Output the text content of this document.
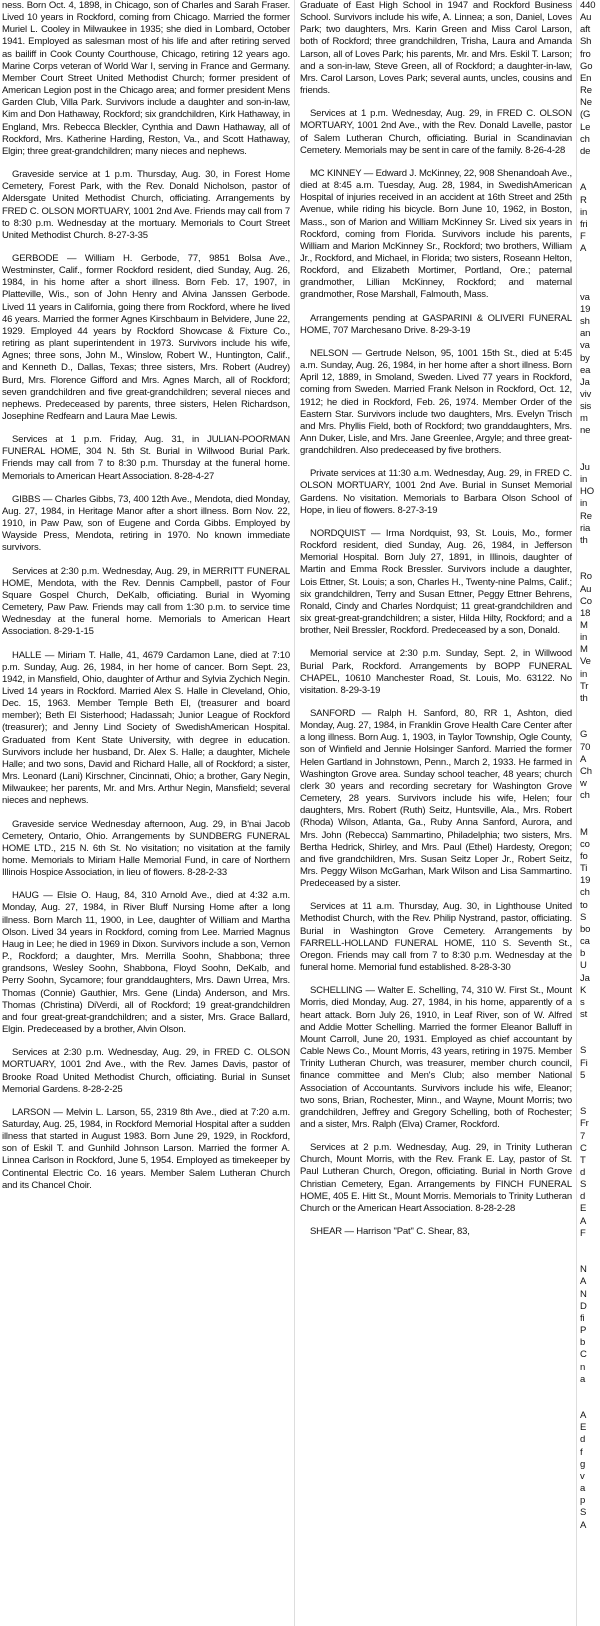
ness. Born Oct. 4, 1898, in Chicago, son of Charles and Sarah Fraser. Lived 10 years in Rockford, coming from Chicago. Married the former Muriel L. Cooley in Milwaukee in 1935; she died in Lombard, October 1941. Employed as salesman most of his life and after retiring served as bailiff in Cook County Courthouse, Chicago, retiring 12 years ago. Marine Corps veteran of World War I, serving in France and Germany. Member Court Street United Methodist Church; former president of American Legion post in the Chicago area; and former president Mens Garden Club, Villa Park. Survivors include a daughter and son-in-law, Kim and Don Hathaway, Rockford; six grandchildren, Kirk Hathaway, in England, Mrs. Rebecca Bleckler, Cynthia and Dawn Hathaway, all of Rockford, Mrs. Katherine Harding, Reston, Va., and Scott Hathaway, Elgin; three great-grandchildren; many nieces and nephews.

Graveside service at 1 p.m. Thursday, Aug. 30, in Forest Home Cemetery, Forest Park, with the Rev. Donald Nicholson, pastor of Aldersgate United Methodist Church, officiating. Arrangements by FRED C. OLSON MORTUARY, 1001 2nd Ave. Friends may call from 7 to 8:30 p.m. Wednesday at the mortuary. Memorials to Court Street United Methodist Church. 8-27-3-35

GERBODE — William H. Gerbode, 77, 9851 Bolsa Ave., Westminster, Calif., former Rockford resident, died Sunday, Aug. 26, 1984, in his home after a short illness. Born Feb. 17, 1907, in Platteville, Wis., son of John Henry and Alvina Janssen Gerbode. Lived 11 years in California, going there from Rockford, where he lived 46 years. Married the former Agnes Kirschbaum in Belvidere, June 22, 1929. Employed 44 years by Rockford Showcase & Fixture Co., retiring as plant superintendent in 1973. Survivors include his wife, Agnes; three sons, John M., Winslow, Robert W., Huntington, Calif., and Kenneth D., Dallas, Texas; three sisters, Mrs. Robert (Audrey) Burd, Mrs. Florence Gifford and Mrs. Agnes March, all of Rockford; seven grandchildren and five great-grandchildren; several nieces and nephews. Predeceased by parents, three sisters, Helen Richardson, Josephine Redfearn and Laura Mae Lewis.

Services at 1 p.m. Friday, Aug. 31, in JULIAN-POORMAN FUNERAL HOME, 304 N. 5th St. Burial in Willwood Burial Park. Friends may call from 7 to 8:30 p.m. Thursday at the funeral home. Memorials to American Heart Association. 8-28-4-27

GIBBS — Charles Gibbs, 73, 400 12th Ave., Mendota, died Monday, Aug. 27, 1984, in Heritage Manor after a short illness. Born Nov. 22, 1910, in Paw Paw, son of Eugene and Corda Gibbs. Employed by Wayside Press, Mendota, retiring in 1970. No known immediate survivors.

Services at 2:30 p.m. Wednesday, Aug. 29, in MERRITT FUNERAL HOME, Mendota, with the Rev. Dennis Campbell, pastor of Four Square Gospel Church, DeKalb, officiating. Burial in Wyoming Cemetery, Paw Paw. Friends may call from 1:30 p.m. to service time Wednesday at the funeral home. Memorials to American Heart Association. 8-29-1-15

HALLE — Miriam T. Halle, 41, 4679 Cardamon Lane, died at 7:10 p.m. Sunday, Aug. 26, 1984, in her home of cancer. Born Sept. 23, 1942, in Mansfield, Ohio, daughter of Arthur and Sylvia Zychich Negin. Lived 14 years in Rockford. Married Alex S. Halle in Cleveland, Ohio, Dec. 15, 1963. Member Temple Beth El, (treasurer and board member); Beth El Sisterhood; Hadassah; Junior League of Rockford (treasurer); and Jenny Lind Society of SwedishAmerican Hospital. Graduated from Kent State University, with degree in education. Survivors include her husband, Dr. Alex S. Halle; a daughter, Michele Halle; and two sons, David and Richard Halle, all of Rockford; a sister, Mrs. Leonard (Lani) Kirschner, Cincinnati, Ohio; a brother, Gary Negin, Milwaukee; her parents, Mr. and Mrs. Arthur Negin, Mansfield; several nieces and nephews.

Graveside service Wednesday afternoon, Aug. 29, in B'nai Jacob Cemetery, Ontario, Ohio. Arrangements by SUNDBERG FUNERAL HOME LTD., 215 N. 6th St. No visitation; no visitation at the family home. Memorials to Miriam Halle Memorial Fund, in care of Northern Illinois Hospice Association, in lieu of flowers. 8-28-2-33

HAUG — Elsie O. Haug, 84, 310 Arnold Ave., died at 4:32 a.m. Monday, Aug. 27, 1984, in River Bluff Nursing Home after a long illness. Born March 11, 1900, in Lee, daughter of William and Martha Olson. Lived 34 years in Rockford, coming from Lee. Married Magnus Haug in Lee; he died in 1969 in Dixon. Survivors include a son, Vernon P., Rockford; a daughter, Mrs. Merrilla Soohn, Shabbona; three grandsons, Wesley Soohn, Shabbona, Floyd Soohn, DeKalb, and Perry Soohn, Sycamore; four granddaughters, Mrs. Dawn Urrea, Mrs. Thomas (Connie) Gauthier, Mrs. Gene (Linda) Anderson, and Mrs. Thomas (Christina) DiVerdi, all of Rockford; 19 great-grandchildren and four great-great-grandchildren; and a sister, Mrs. Grace Ballard, Elgin. Predeceased by a brother, Alvin Olson.

Services at 2:30 p.m. Wednesday, Aug. 29, in FRED C. OLSON MORTUARY, 1001 2nd Ave., with the Rev. James Davis, pastor of Brooke Road United Methodist Church, officiating. Burial in Sunset Memorial Gardens. 8-28-2-25

LARSON — Melvin L. Larson, 55, 2319 8th Ave., died at 7:20 a.m. Saturday, Aug. 25, 1984, in Rockford Memorial Hospital after a sudden illness that started in August 1983. Born June 29, 1929, in Rockford, son of Eskil T. and Gunhild Johnson Larson. Married the former A. Linnea Carlson in Rockford, June 5, 1954. Employed as timekeeper by Continental Electric Co. 16 years. Member Salem Lutheran Church and its Chancel Choir.

Graduate of East High School in 1947 and Rockford Business School. Survivors include his wife, A. Linnea; a son, Daniel, Loves Park; two daughters, Mrs. Karin Green and Miss Carol Larson, both of Rockford; three grandchildren, Trisha, Laura and Amanda Larson, all of Loves Park; his parents, Mr. and Mrs. Eskil T. Larson; and a son-in-law, Steve Green, all of Rockford; a daughter-in-law, Mrs. Carol Larson, Loves Park; several aunts, uncles, cousins and friends.

Services at 1 p.m. Wednesday, Aug. 29, in FRED C. OLSON MORTUARY, 1001 2nd Ave., with the Rev. Donald Lavelle, pastor of Salem Lutheran Church, officiating. Burial in Scandinavian Cemetery. Memorials may be sent in care of the family. 8-26-4-28

MC KINNEY — Edward J. McKinney, 22, 908 Shenandoah Ave., died at 8:45 a.m. Tuesday, Aug. 28, 1984, in SwedishAmerican Hospital of injuries received in an accident at 16th Street and 25th Avenue, while riding his bicycle. Born June 10, 1962, in Boston, Mass., son of Marion and William McKinney Sr. Lived six years in Rockford, coming from Florida. Survivors include his parents, William and Marion McKinney Sr., Rockford; two brothers, William Jr., Rockford, and Michael, in Florida; two sisters, Roseann Helton, Rockford, and Elizabeth Mortimer, Portland, Ore.; paternal grandmother, Lillian McKinney, Rockford; and maternal grandmother, Rose Marshall, Falmouth, Mass.

Arrangements pending at GASPARINI & OLIVERI FUNERAL HOME, 707 Marchesano Drive. 8-29-3-19

NELSON — Gertrude Nelson, 95, 1001 15th St., died at 5:45 a.m. Sunday, Aug. 26, 1984, in her home after a short illness. Born April 12, 1889, in Smoland, Sweden. Lived 77 years in Rockford, coming from Sweden. Married Frank Nelson in Rockford, Oct. 12, 1912; he died in Rockford, Feb. 26, 1974. Member Order of the Eastern Star. Survivors include two daughters, Mrs. Evelyn Trisch and Mrs. Phyllis Field, both of Rockford; two granddaughters, Mrs. Ann Duker, Lisle, and Mrs. Jane Greenlee, Argyle; and three great-grandchildren. Also predeceased by five brothers.

Private services at 11:30 a.m. Wednesday, Aug. 29, in FRED C. OLSON MORTUARY, 1001 2nd Ave. Burial in Sunset Memorial Gardens. No visitation. Memorials to Barbara Olson School of Hope, in lieu of flowers. 8-27-3-19

NORDQUIST — Irma Nordquist, 93, St. Louis, Mo., former Rockford resident, died Sunday, Aug. 26, 1984, in Jefferson Memorial Hospital. Born July 27, 1891, in Illinois, daughter of Martin and Emma Rock Bressler. Survivors include a daughter, Lois Ettner, St. Louis; a son, Charles H., Twenty-nine Palms, Calif.; six grandchildren, Terry and Susan Ettner, Peggy Ettner Behrens, Ronald, Cindy and Charles Nordquist; 11 great-grandchildren and six great-great-grandchildren; a sister, Hilda Hilty, Rockford; and a brother, Neil Bressler, Rockford. Predeceased by a son, Donald.

Memorial service at 2:30 p.m. Sunday, Sept. 2, in Willwood Burial Park, Rockford. Arrangements by BOPP FUNERAL CHAPEL, 10610 Manchester Road, St. Louis, Mo. 63122. No visitation. 8-29-3-19

SANFORD — Ralph H. Sanford, 80, RR 1, Ashton, died Monday, Aug. 27, 1984, in Franklin Grove Health Care Center after a long illness. Born Aug. 1, 1903, in Taylor Township, Ogle County, son of Winfield and Jennie Holsinger Sanford. Married the former Helen Gartland in Johnstown, Penn., March 2, 1933. He farmed in Washington Grove area. Sunday school teacher, 48 years; church clerk 30 years and recording secretary for Washington Grove Cemetery, 28 years. Survivors include his wife, Helen; four daughters, Mrs. Robert (Ruth) Seitz, Huntsville, Ala., Mrs. Robert (Rhoda) Wilson, Atlanta, Ga., Ruby Anna Sanford, Aurora, and Mrs. John (Rebecca) Sammartino, Philadelphia; two sisters, Mrs. Bertha Hedrick, Shirley, and Mrs. Paul (Ethel) Hardesty, Oregon; and five grandchildren, Mrs. Susan Seitz Loper Jr., Robert Seitz, Mrs. Peggy Wilson McGarhan, Mark Wilson and Lisa Sammartino. Predeceased by a sister.

Services at 11 a.m. Thursday, Aug. 30, in Lighthouse United Methodist Church, with the Rev. Philip Nystrand, pastor, officiating. Burial in Washington Grove Cemetery. Arrangements by FARRELL-HOLLAND FUNERAL HOME, 110 S. Seventh St., Oregon. Friends may call from 7 to 8:30 p.m. Wednesday at the funeral home. Memorial fund established. 8-28-3-30

SCHELLING — Walter E. Schelling, 74, 310 W. First St., Mount Morris, died Monday, Aug. 27, 1984, in his home, apparently of a heart attack. Born July 26, 1910, in Leaf River, son of W. Alfred and Addie Motter Schelling. Married the former Eleanor Balluff in Mount Carroll, June 20, 1931. Employed as chief accountant by Cable News Co., Mount Morris, 43 years, retiring in 1975. Member Trinity Lutheran Church, was treasurer, member church council, finance committee and Men's Club; also member National Association of Accountants. Survivors include his wife, Eleanor; two sons, Brian, Rochester, Minn., and Wayne, Mount Morris; two grandchildren, Jeffrey and Gregory Schelling, both of Rochester; and a sister, Mrs. Ralph (Elva) Cramer, Rockford.

Services at 2 p.m. Wednesday, Aug. 29, in Trinity Lutheran Church, Mount Morris, with the Rev. Frank E. Lay, pastor of St. Paul Lutheran Church, Oregon, officiating. Burial in North Grove Christian Cemetery, Egan. Arrangements by FINCH FUNERAL HOME, 405 E. Hitt St., Mount Morris. Memorials to Trinity Lutheran Church or the American Heart Association. 8-28-2-28

SHEAR — Harrison "Pat" C. Shear, 83,

440

Au

aft

Sh

fro

Go

En

Re

Ne

(G

Le

ch

de

A

R

in

fri

F

A

va

19

sh

an

va

by

ea

Ja

viv

sis

m

ne

Ju

in

HO

in

Re

ria

th

Ro

Au

Co

18

M

in

M

Ve

in

Tr

th

G

70

A

Ch

w

ch

M

co

fo

Ti

19

ch

to

S

bo

ca

b

U

Ja

K

s

st

S

Fi

5

S

Fr

7

C

T

d

S

d

E

A

F

N

A

N

D

fi

P

b

C

n

a

A

E

d

f

g

v

a

p

S

A
